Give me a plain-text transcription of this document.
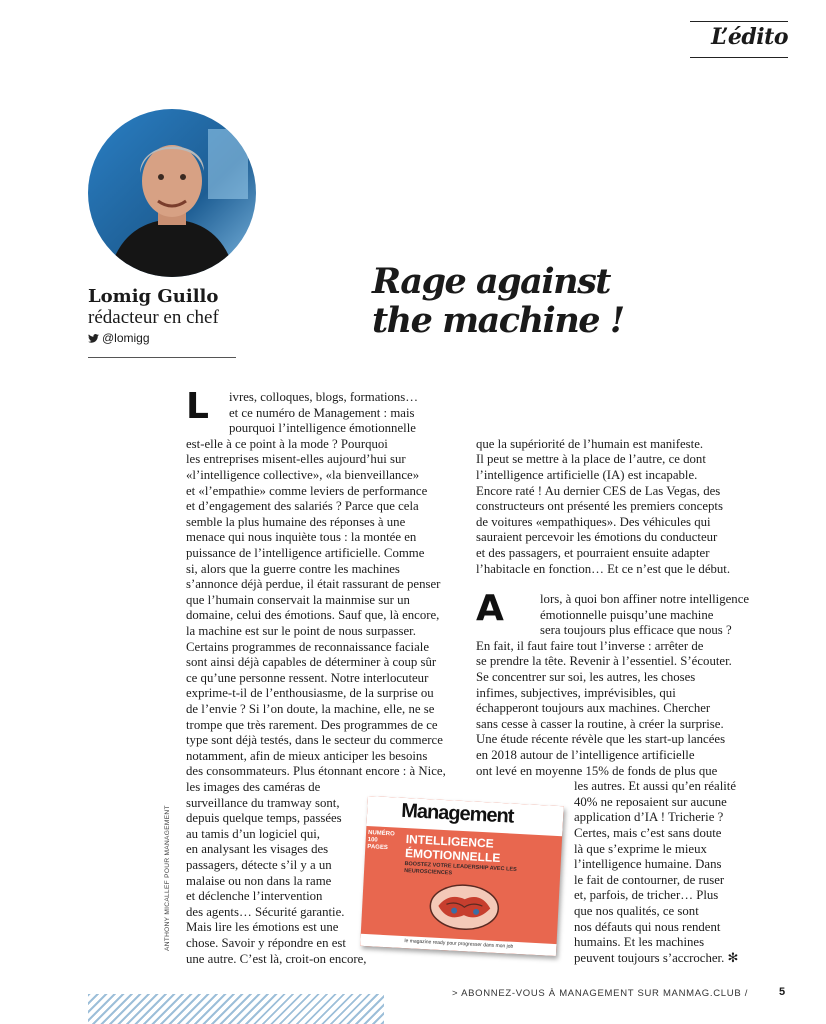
L’édito
Lomig Guillo
rédacteur en chef
@lomigg
Rage against
the machine !
L
A
ivres, colloques, blogs, formations…
et ce numéro de Management : mais
pourquoi l’intelligence émotionnelle
est-elle à ce point à la mode ? Pourquoi
les entreprises misent-elles aujourd’hui sur
«l’intelligence collective», «la bienveillance»
et «l’empathie» comme leviers de performance
et d’engagement des salariés ? Parce que cela
semble la plus humaine des réponses à une
menace qui nous inquiète tous : la montée en
puissance de l’intelligence artificielle. Comme
si, alors que la guerre contre les machines
s’annonce déjà perdue, il était rassurant de penser
que l’humain conservait la mainmise sur un
domaine, celui des émotions. Sauf que, là encore,
la machine est sur le point de nous surpasser.
Certains programmes de reconnaissance faciale
sont ainsi déjà capables de déterminer à coup sûr
ce qu’une personne ressent. Notre interlocuteur
exprime-t-il de l’enthousiasme, de la surprise ou
de l’envie ? Si l’on doute, la machine, elle, ne se
trompe que très rarement. Des programmes de ce
type sont déjà testés, dans le secteur du commerce
notamment, afin de mieux anticiper les besoins
des consommateurs. Plus étonnant encore : à Nice,
les images des caméras de
surveillance du tramway sont,
depuis quelque temps, passées
au tamis d’un logiciel qui,
en analysant les visages des
passagers, détecte s’il y a un
malaise ou non dans la rame
et déclenche l’intervention
des agents… Sécurité garantie.
Mais lire les émotions est une
chose. Savoir y répondre en est
une autre. C’est là, croit-on encore,
que la supériorité de l’humain est manifeste.
Il peut se mettre à la place de l’autre, ce dont
l’intelligence artificielle (IA) est incapable.
Encore raté ! Au dernier CES de Las Vegas, des
constructeurs ont présenté les premiers concepts
de voitures «empathiques». Des véhicules qui
sauraient percevoir les émotions du conducteur
et des passagers, et pourraient ensuite adapter
l’habitacle en fonction… Et ce n’est que le début.
lors, à quoi bon affiner notre intelligence
émotionnelle puisqu’une machine
sera toujours plus efficace que nous ?
En fait, il faut faire tout l’inverse : arrêter de
se prendre la tête. Revenir à l’essentiel. S’écouter.
Se concentrer sur soi, les autres, les choses
infimes, subjectives, imprévisibles, qui
échapperont toujours aux machines. Chercher
sans cesse à casser la routine, à créer la surprise.
Une étude récente révèle que les start-up lancées
en 2018 autour de l’intelligence artificielle
ont levé en moyenne 15% de fonds de plus que
les autres. Et aussi qu’en réalité
40% ne reposaient sur aucune
application d’IA ! Tricherie ?
Certes, mais c’est sans doute
là que s’exprime le mieux
l’intelligence humaine. Dans
le fait de contourner, de ruser
et, parfois, de tricher… Plus
que nos qualités, ce sont
nos défauts qui nous rendent
humains. Et les machines
peuvent toujours s’accrocher. ✻
Management
NUMÉRO 100 PAGES	INTELLIGENCE
ÉMOTIONNELLE
BOOSTEZ VOTRE LEADERSHIP AVEC LES NEUROSCIENCES
le magazine ready pour progresser dans mon job
ANTHONY MICALLEF POUR MANAGEMENT
> ABONNEZ-VOUS À MANAGEMENT SUR MANMAG.CLUB /	5
